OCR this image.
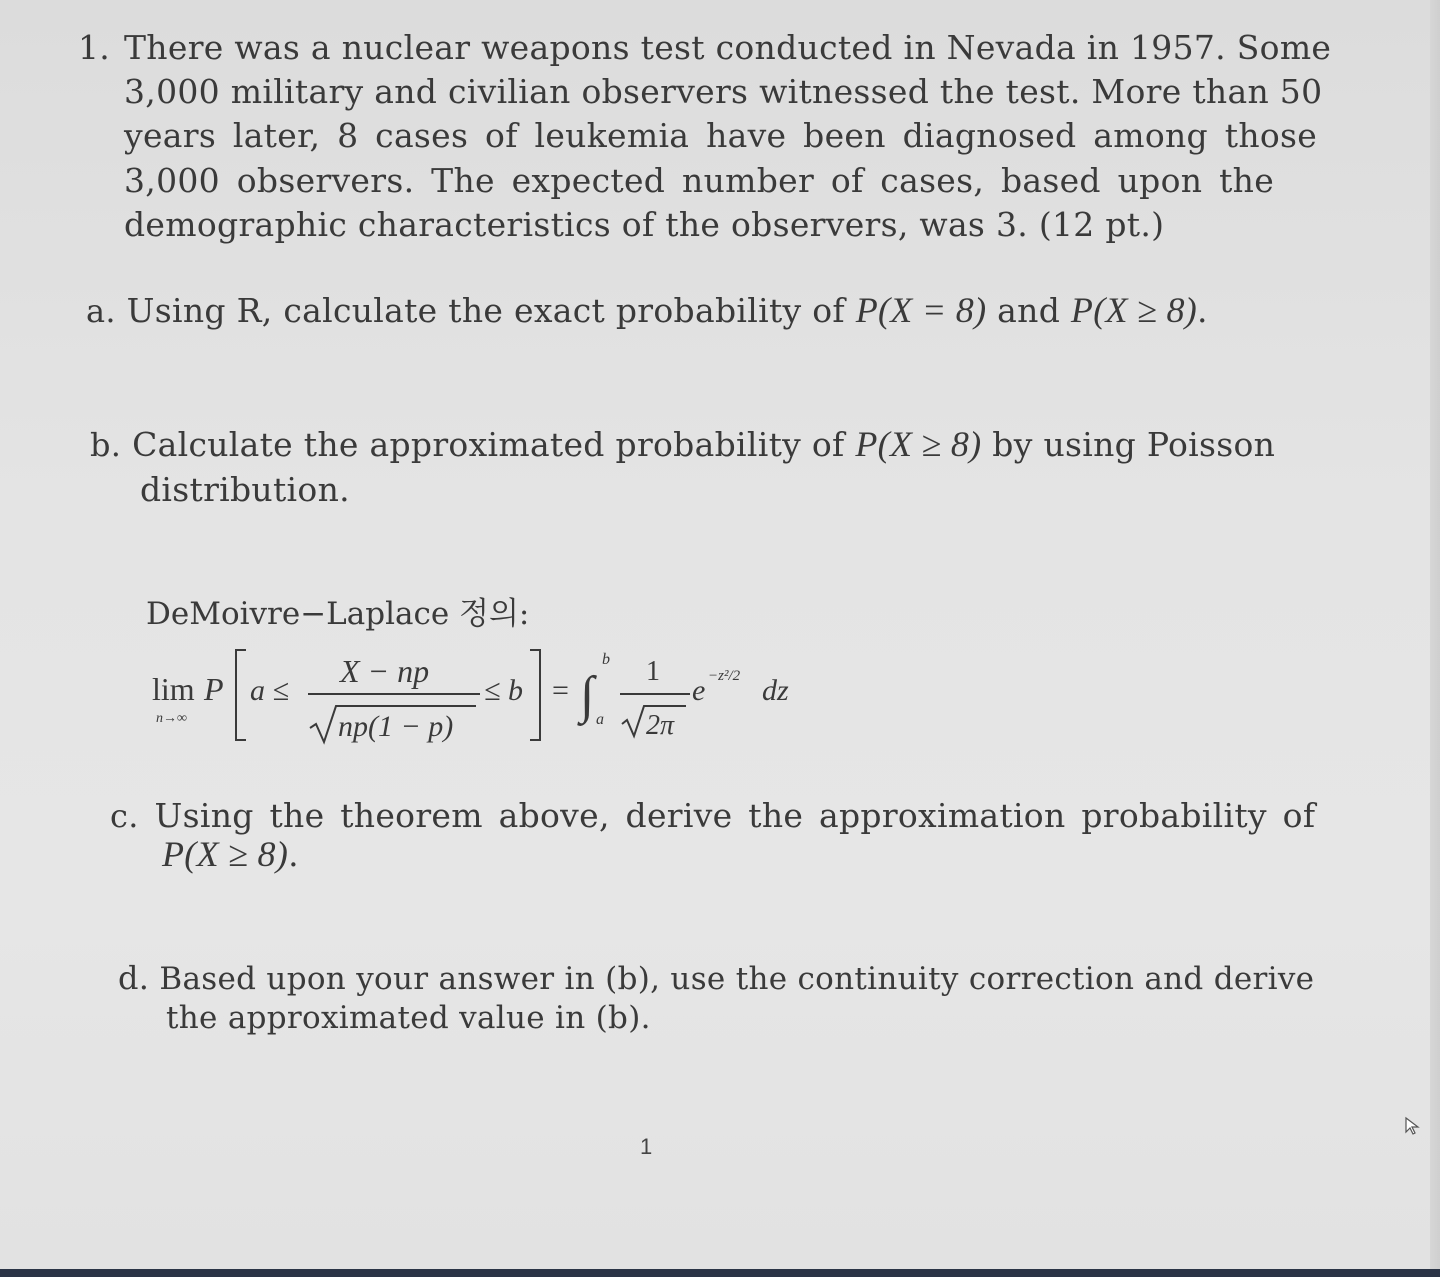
1. There was a nuclear weapons test conducted in Nevada in 1957. Some
3,000 military and civilian observers witnessed the test. More than 50
years later, 8 cases of leukemia have been diagnosed among those
3,000 observers. The expected number of cases, based upon the
demographic characteristics of the observers, was 3. (12 pt.)
a. Using R, calculate the exact probability of P(X = 8) and P(X ≥ 8).
b. Calculate the approximated probability of P(X ≥ 8) by using Poisson
distribution.
DeMoivre−Laplace 정의:
lim
n→∞
P a ≤
X − np
np(1 − p)
≤ b = ∫
b
a
1
2π
e −z²/2 dz
c. Using the theorem above, derive the approximation probability of
P(X ≥ 8).
d. Based upon your answer in (b), use the continuity correction and derive
the approximated value in (b).
1
